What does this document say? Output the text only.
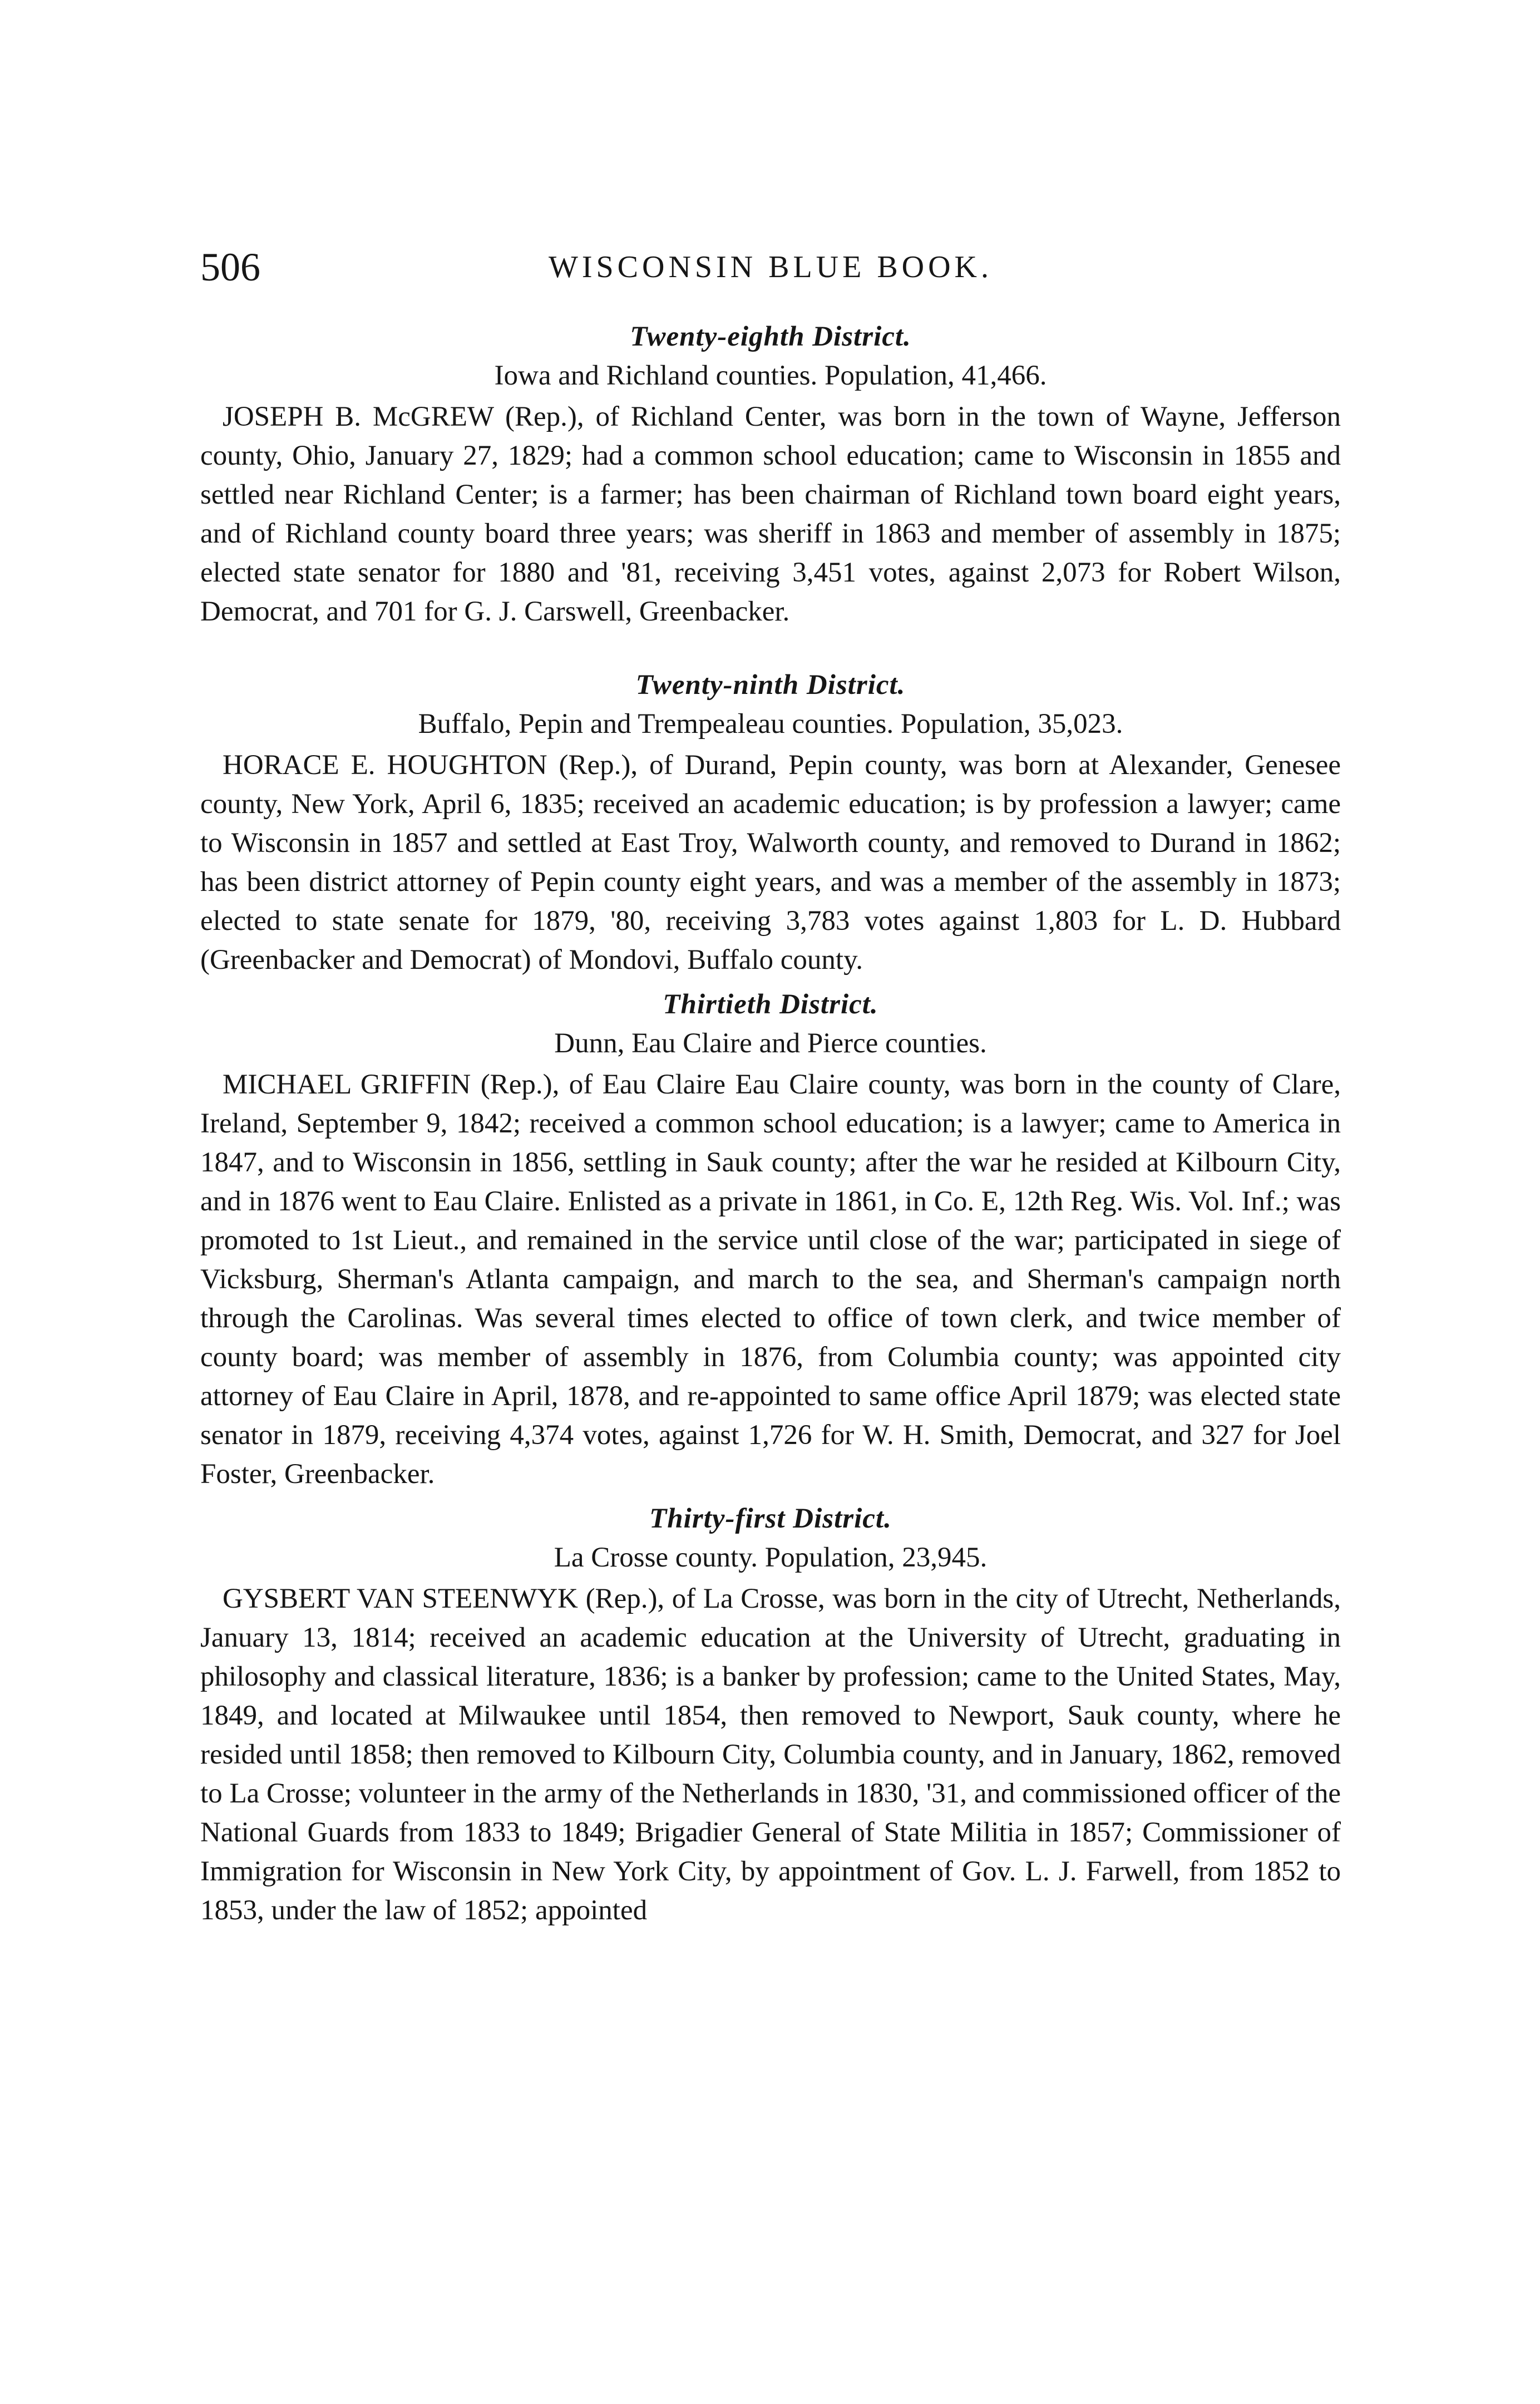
506	WISCONSIN BLUE BOOK.
Twenty-eighth District.
Iowa and Richland counties. Population, 41,466.

JOSEPH B. McGREW (Rep.), of Richland Center, was born in the town of Wayne, Jefferson county, Ohio, January 27, 1829; had a common school education; came to Wisconsin in 1855 and settled near Richland Center; is a farmer; has been chairman of Richland town board eight years, and of Richland county board three years; was sheriff in 1863 and member of assembly in 1875; elected state senator for 1880 and '81, receiving 3,451 votes, against 2,073 for Robert Wilson, Democrat, and 701 for G. J. Carswell, Greenbacker.

Twenty-ninth District.
Buffalo, Pepin and Trempealeau counties. Population, 35,023.

HORACE E. HOUGHTON (Rep.), of Durand, Pepin county, was born at Alexander, Genesee county, New York, April 6, 1835; received an academic education; is by profession a lawyer; came to Wisconsin in 1857 and settled at East Troy, Walworth county, and removed to Durand in 1862; has been district attorney of Pepin county eight years, and was a member of the assembly in 1873; elected to state senate for 1879, '80, receiving 3,783 votes against 1,803 for L. D. Hubbard (Greenbacker and Democrat) of Mondovi, Buffalo county.

Thirtieth District.
Dunn, Eau Claire and Pierce counties.

MICHAEL GRIFFIN (Rep.), of Eau Claire Eau Claire county, was born in the county of Clare, Ireland, September 9, 1842; received a common school education; is a lawyer; came to America in 1847, and to Wisconsin in 1856, settling in Sauk county; after the war he resided at Kilbourn City, and in 1876 went to Eau Claire. Enlisted as a private in 1861, in Co. E, 12th Reg. Wis. Vol. Inf.; was promoted to 1st Lieut., and remained in the service until close of the war; participated in siege of Vicksburg, Sherman's Atlanta campaign, and march to the sea, and Sherman's campaign north through the Carolinas. Was several times elected to office of town clerk, and twice member of county board; was member of assembly in 1876, from Columbia county; was appointed city attorney of Eau Claire in April, 1878, and re-appointed to same office April 1879; was elected state senator in 1879, receiving 4,374 votes, against 1,726 for W. H. Smith, Democrat, and 327 for Joel Foster, Greenbacker.

Thirty-first District.
La Crosse county. Population, 23,945.

GYSBERT VAN STEENWYK (Rep.), of La Crosse, was born in the city of Utrecht, Netherlands, January 13, 1814; received an academic education at the University of Utrecht, graduating in philosophy and classical literature, 1836; is a banker by profession; came to the United States, May, 1849, and located at Milwaukee until 1854, then removed to Newport, Sauk county, where he resided until 1858; then removed to Kilbourn City, Columbia county, and in January, 1862, removed to La Crosse; volunteer in the army of the Netherlands in 1830, '31, and commissioned officer of the National Guards from 1833 to 1849; Brigadier General of State Militia in 1857; Commissioner of Immigration for Wisconsin in New York City, by appointment of Gov. L. J. Farwell, from 1852 to 1853, under the law of 1852; appointed
